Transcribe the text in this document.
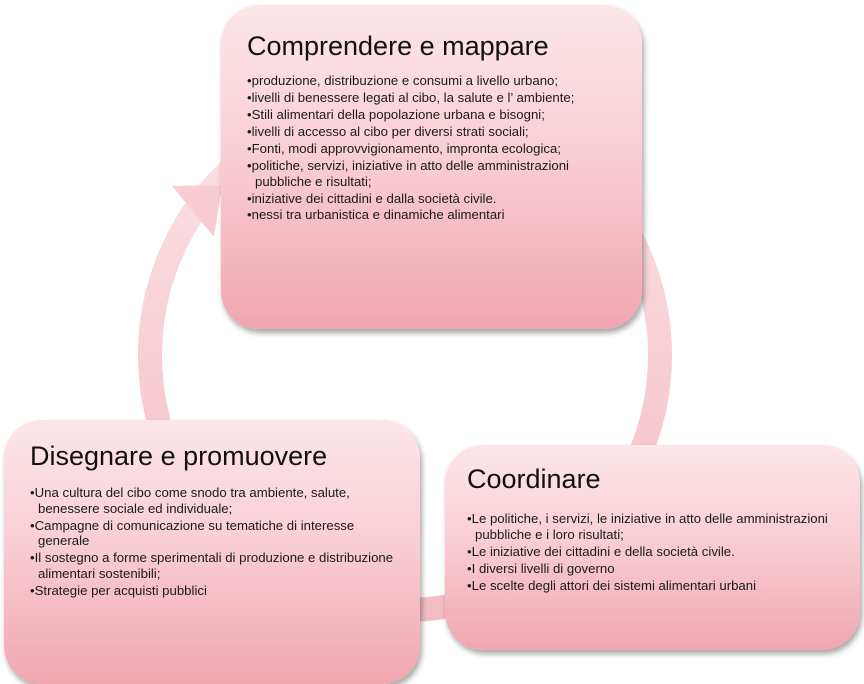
Comprendere e mappare
• produzione, distribuzione e consumi a livello urbano;
• livelli di benessere legati al cibo, la salute e l’ ambiente;
• Stili alimentari della popolazione urbana e bisogni;
• livelli di accesso al cibo per diversi strati sociali;
• Fonti, modi approvvigionamento, impronta ecologica;
• politiche, servizi, iniziative in atto delle amministrazioni pubbliche e risultati;
• iniziative dei cittadini e dalla società civile.
• nessi tra urbanistica e dinamiche alimentari
Coordinare
• Le politiche, i servizi, le iniziative in atto delle amministrazioni pubbliche e i loro risultati;
• Le iniziative dei cittadini e della società civile.
• I diversi livelli di governo
• Le scelte degli attori dei sistemi alimentari urbani
Disegnare e promuovere
• Una cultura del cibo come snodo tra ambiente, salute, benessere sociale ed individuale;
• Campagne di comunicazione su tematiche di interesse generale
• Il sostegno a forme sperimentali di produzione e distribuzione alimentari sostenibili;
• Strategie per acquisti pubblici
